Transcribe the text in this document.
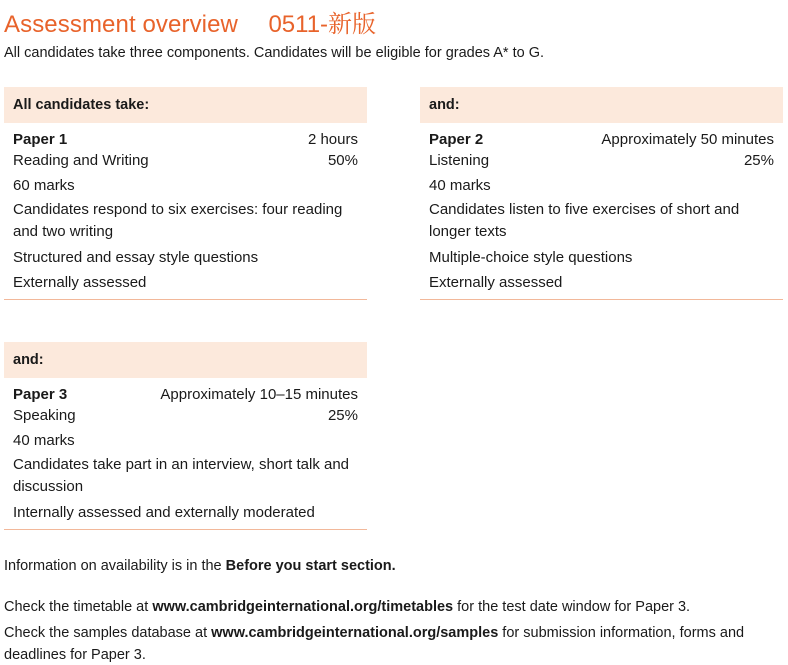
Assessment overview 0511-新版
All candidates take three components. Candidates will be eligible for grades A* to G.
All candidates take:
Paper 1	2 hours
Reading and Writing	50%
60 marks
Candidates respond to six exercises: four reading and two writing
Structured and essay style questions
Externally assessed
and:
Paper 2	Approximately 50 minutes
Listening	25%
40 marks
Candidates listen to five exercises of short and longer texts
Multiple-choice style questions
Externally assessed
and:
Paper 3	Approximately 10–15 minutes
Speaking	25%
40 marks
Candidates take part in an interview, short talk and discussion
Internally assessed and externally moderated
Information on availability is in the Before you start section.
Check the timetable at www.cambridgeinternational.org/timetables for the test date window for Paper 3.
Check the samples database at www.cambridgeinternational.org/samples for submission information, forms and deadlines for Paper 3.
